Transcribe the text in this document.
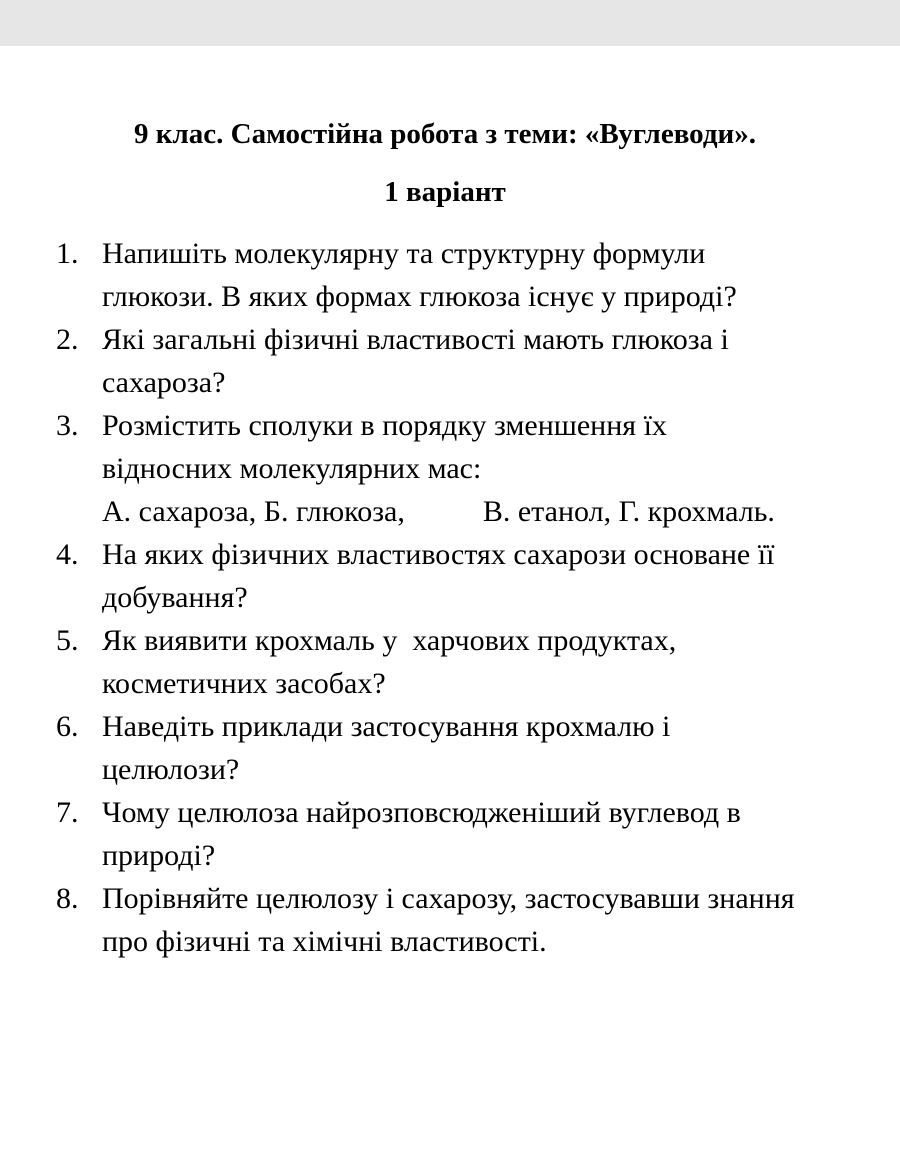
9 клас. Самостійна робота з теми: «Вуглеводи».
1 варіант
1. Напишіть молекулярну та структурну формули
глюкози. В яких формах глюкоза існує у природі?
2. Які загальні фізичні властивості мають глюкоза і
сахароза?
3. Розмістить сполуки в порядку зменшення їх
відносних молекулярних мас:
А. сахароза, Б. глюкоза,	В. етанол, Г. крохмаль.
4. На яких фізичних властивостях сахарози основане її
добування?
5. Як виявити крохмаль у  харчових продуктах,
косметичних засобах?
6. Наведіть приклади застосування крохмалю і
целюлози?
7. Чому целюлоза найрозповсюдженіший вуглевод в
природі?
8. Порівняйте целюлозу і сахарозу, застосувавши знання
про фізичні та хімічні властивості.
